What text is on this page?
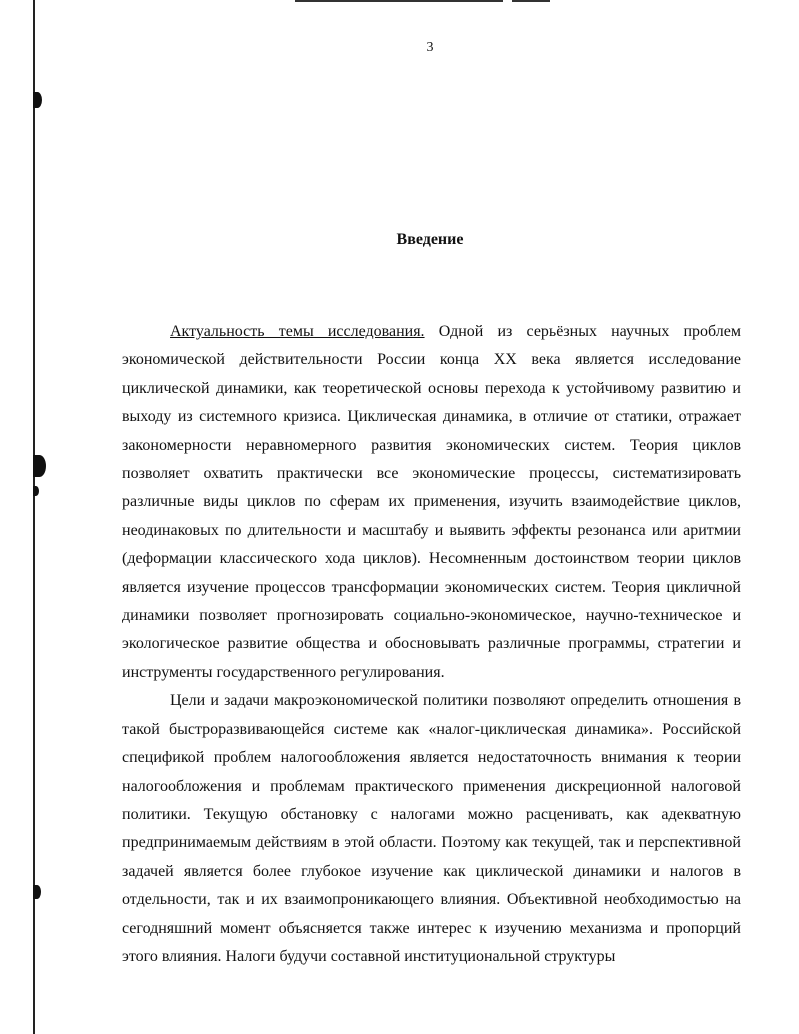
3
Введение

Актуальность темы исследования. Одной из серьёзных научных проблем экономической действительности России конца XX века является исследование циклической динамики, как теоретической основы перехода к устойчивому развитию и выходу из системного кризиса. Циклическая динамика, в отличие от статики, отражает закономерности неравномерного развития экономических систем. Теория циклов позволяет охватить практически все экономические процессы, систематизировать различные виды циклов по сферам их применения, изучить взаимодействие циклов, неодинаковых по длительности и масштабу и выявить эффекты резонанса или аритмии (деформации классического хода циклов). Несомненным достоинством теории циклов является изучение процессов трансформации экономических систем. Теория цикличной динамики позволяет прогнозировать социально-экономическое, научно-техническое и экологическое развитие общества и обосновывать различные программы, стратегии и инструменты государственного регулирования.

Цели и задачи макроэкономической политики позволяют определить отношения в такой быстроразвивающейся системе как «налог-циклическая динамика». Российской спецификой проблем налогообложения является недостаточность внимания к теории налогообложения и проблемам практического применения дискреционной налоговой политики. Текущую обстановку с налогами можно расценивать, как адекватную предпринимаемым действиям в этой области. Поэтому как текущей, так и перспективной задачей является более глубокое изучение как циклической динамики и налогов в отдельности, так и их взаимопроникающего влияния. Объективной необходимостью на сегодняшний момент объясняется также интерес к изучению механизма и пропорций этого влияния. Налоги будучи составной институциональной структуры
